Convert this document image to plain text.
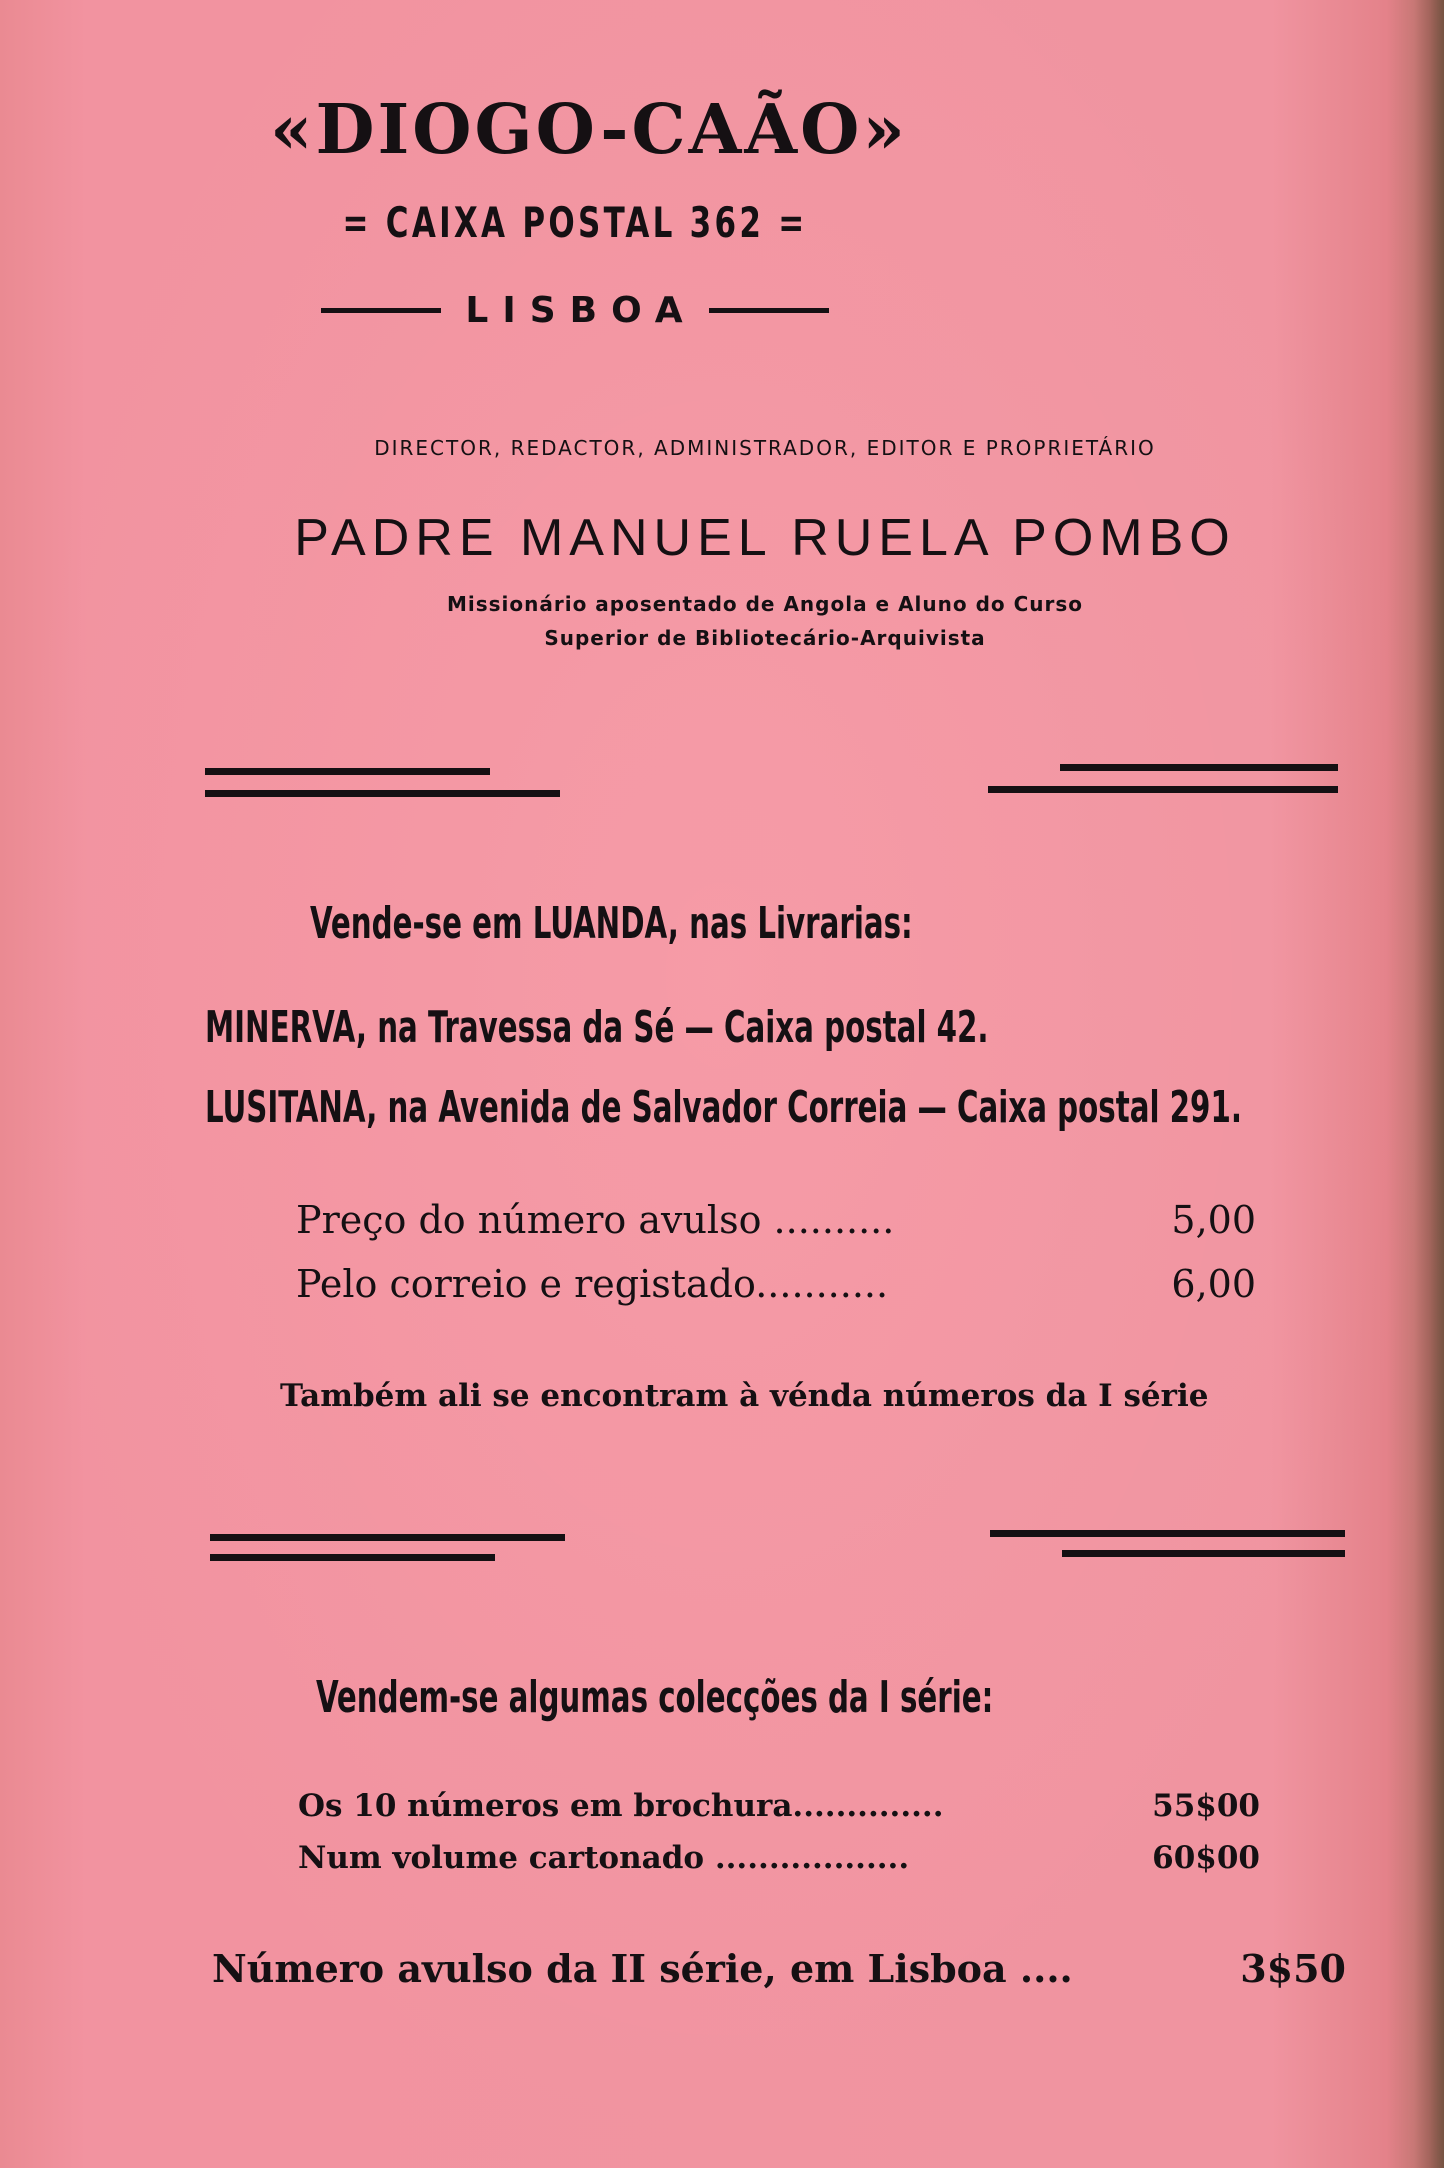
«DIOGO-CAÃO»
= CAIXA POSTAL 362 =
LISBOA
DIRECTOR, REDACTOR, ADMINISTRADOR, EDITOR E PROPRIETÁRIO
PADRE MANUEL RUELA POMBO
Missionário aposentado de Angola e Aluno do Curso
Superior de Bibliotecário-Arquivista
Vende-se em LUANDA, nas Livrarias:
MINERVA, na Travessa da Sé — Caixa postal 42.
LUSITANA, na Avenida de Salvador Correia — Caixa postal 291.
Preço do número avulso ..........	5,00
Pelo correio e registado...........	6,00
Também ali se encontram à vénda números da I série
Vendem-se algumas colecções da I série:
Os 10 números em brochura..............	55$00
Num volume cartonado ..................	60$00
Número avulso da II série, em Lisboa ....	3$50
